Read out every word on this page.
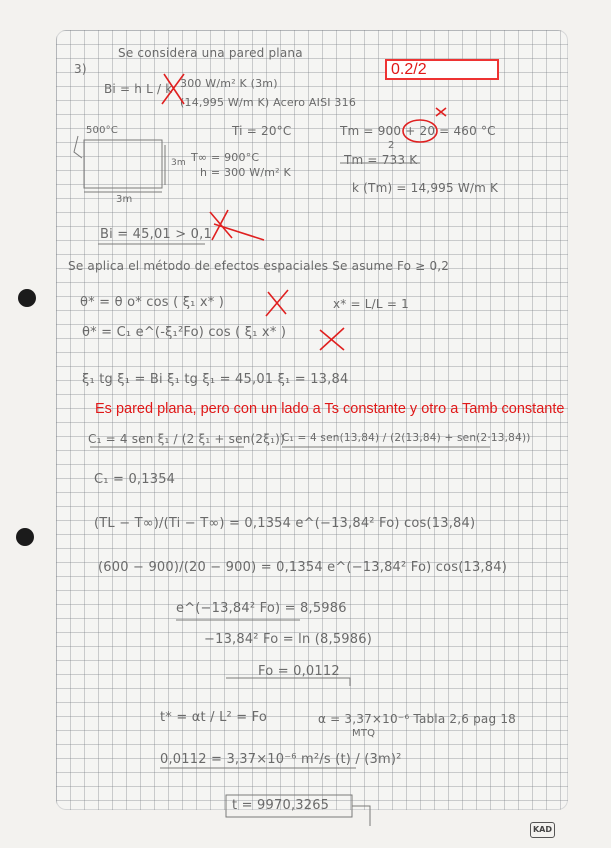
Se considera una pared plana
3)
Bi = h L / k 300 W/m² K (3m)
(14,995 W/m K) Acero AISI 316
Ti = 20°C	Tm = 900 + 20 = 460 °C
2
Tm = 733 K
k (Tm) = 14,995 W/m K
500°C
T∞ = 900°C
h = 300 W/m² K
3m
3m
Bi = 45,01 > 0,1
Se aplica el método de efectos espaciales Se asume Fo ≥ 0,2
θ* = θ ο* cos ( ξ₁ x* )	x* = L/L = 1
θ* = C₁ e^(-ξ₁²Fo) cos ( ξ₁ x* )
ξ₁ tg ξ₁ = Bi ξ₁ tg ξ₁ = 45,01 ξ₁ = 13,84
Es pared plana, pero con un lado a Ts constante y otro a Tamb constante
C₁ = 4 sen ξ₁ / (2 ξ₁ + sen(2ξ₁))
C₁ = 4 sen(13,84) / (2(13,84) + sen(2·13,84))
C₁ = 0,1354
(TL − T∞)/(Ti − T∞) = 0,1354 e^(−13,84² Fo) cos(13,84)
(600 − 900)/(20 − 900) = 0,1354 e^(−13,84² Fo) cos(13,84)
e^(−13,84² Fo) = 8,5986
−13,84² Fo = ln (8,5986)
Fo = 0,0112
t* = αt / L² = Fo	α = 3,37×10⁻⁶ Tabla 2,6 pag 18
MTQ
0,0112 = 3,37×10⁻⁶ m²/s (t) / (3m)²
t = 9970,3265
0.2/2
KAD
